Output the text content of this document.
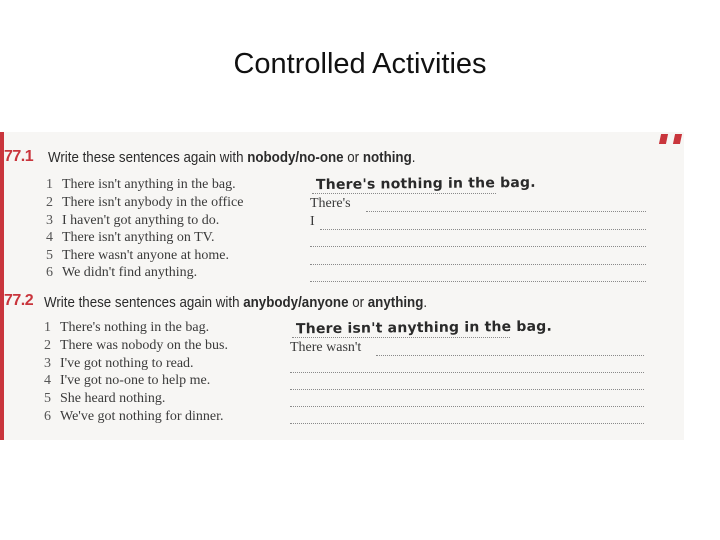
Controlled Activities
77.1 Write these sentences again with nobody/no-one or nothing.
1 There isn't anything in the bag.
2 There isn't anybody in the office
3 I haven't got anything to do.
4 There isn't anything on TV.
5 There wasn't anyone at home.
6 We didn't find anything.
There's nothing in the bag.
There's
I
77.2 Write these sentences again with anybody/anyone or anything.
1 There's nothing in the bag.
2 There was nobody on the bus.
3 I've got nothing to read.
4 I've got no-one to help me.
5 She heard nothing.
6 We've got nothing for dinner.
There isn't anything in the bag.
There wasn't
